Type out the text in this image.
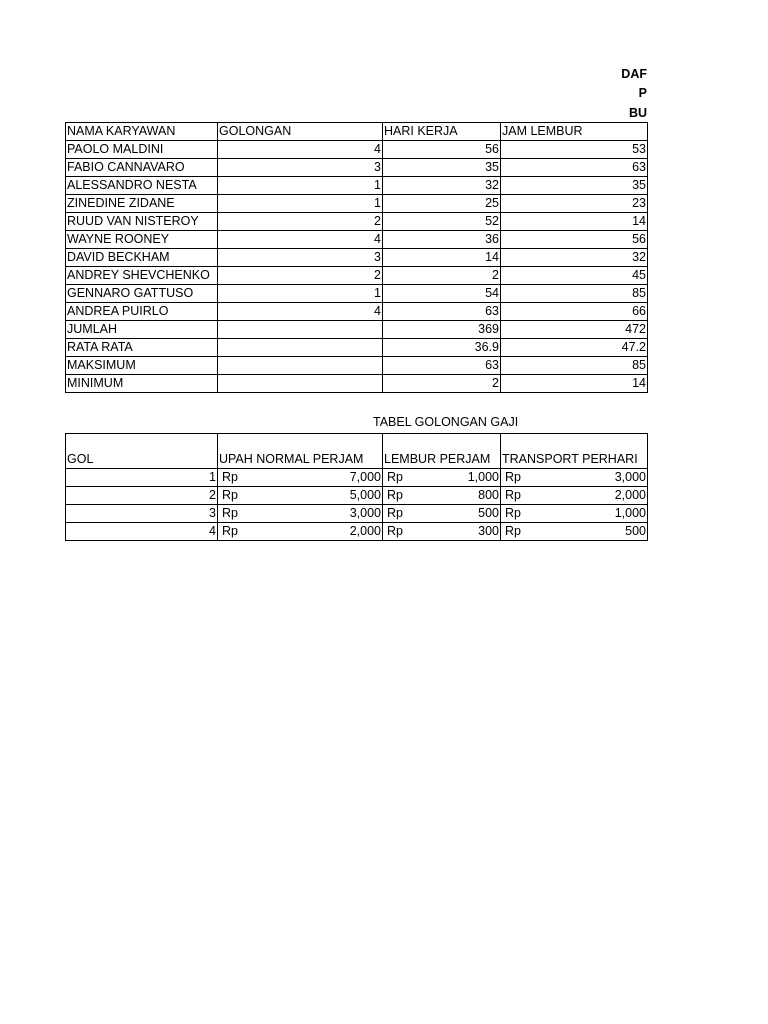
DAF
P
BU
NAMA KARYAWAN	GOLONGAN	HARI KERJA	JAM LEMBUR
PAOLO MALDINI	4	56	53
FABIO CANNAVARO	3	35	63
ALESSANDRO NESTA	1	32	35
ZINEDINE ZIDANE	1	25	23
RUUD VAN NISTEROY	2	52	14
WAYNE ROONEY	4	36	56
DAVID BECKHAM	3	14	32
ANDREY SHEVCHENKO	2	2	45
GENNARO GATTUSO	1	54	85
ANDREA PUIRLO	4	63	66
JUMLAH		369	472
RATA RATA		36.9	47.2
MAKSIMUM		63	85
MINIMUM		2	14
TABEL GOLONGAN GAJI
GOL	UPAH NORMAL PERJAM	LEMBUR PERJAM	TRANSPORT PERHARI
1	Rp 7,000	Rp 1,000	Rp 3,000

2	Rp 5,000	Rp 800	Rp 2,000

3	Rp 3,000	Rp 500	Rp 1,000

4	Rp 2,000	Rp 300	Rp 500
